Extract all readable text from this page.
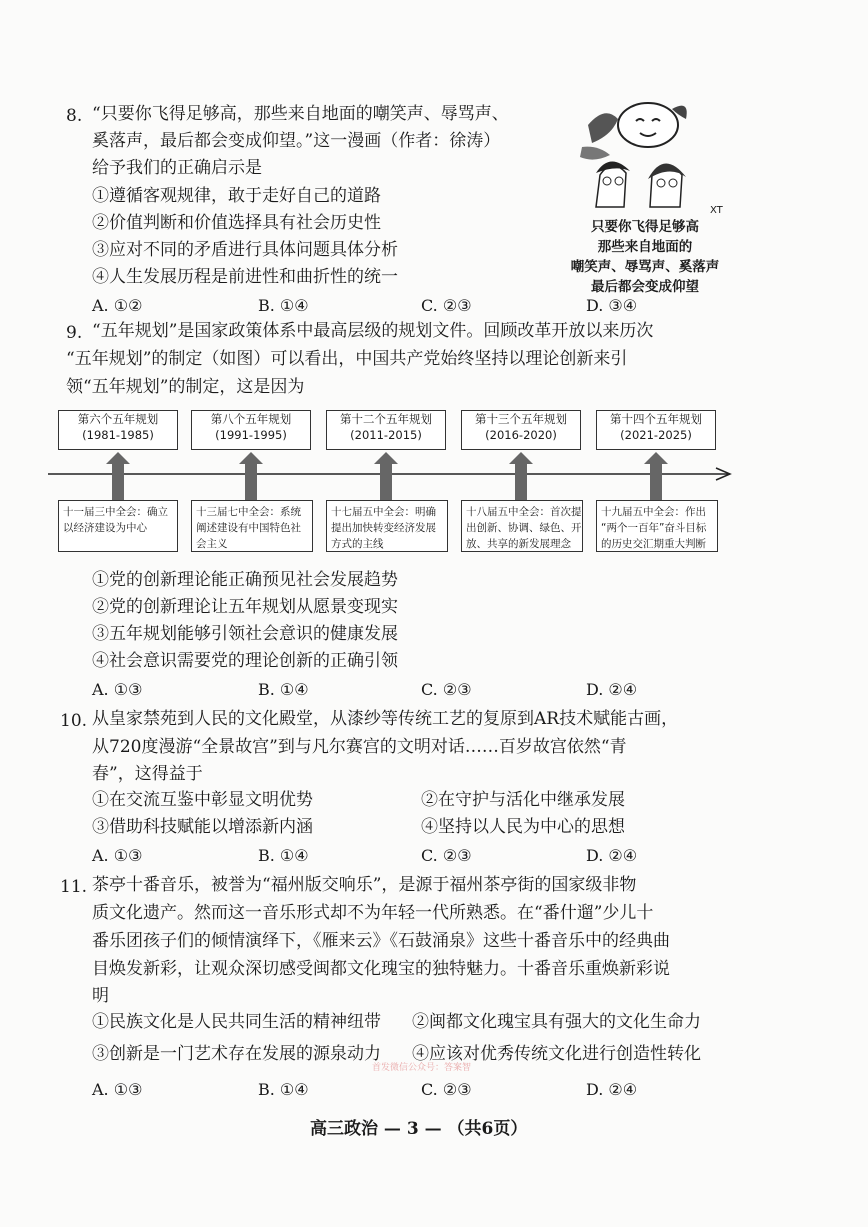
8. “只要你飞得足够高，那些来自地面的嘲笑声、辱骂声、
奚落声，最后都会变成仰望。”这一漫画（作者：徐涛）
给予我们的正确启示是
①遵循客观规律，敢于走好自己的道路
②价值判断和价值选择具有社会历史性
③应对不同的矛盾进行具体问题具体分析
④人生发展历程是前进性和曲折性的统一
A. ①②	B. ①④	C. ②③	D. ③④
XT
只要你飞得足够高
那些来自地面的
嘲笑声、辱骂声、奚落声
最后都会变成仰望
9. “五年规划”是国家政策体系中最高层级的规划文件。回顾改革开放以来历次
“五年规划”的制定（如图）可以看出，中国共产党始终坚持以理论创新来引
领“五年规划”的制定，这是因为
第六个五年规划
(1981-1985)
第八个五年规划
(1991-1995)
第十二个五年规划
(2011-2015)
第十三个五年规划
(2016-2020)
第十四个五年规划
(2021-2025)
十一届三中全会：确立
以经济建设为中心
十三届七中全会：系统
阐述建设有中国特色社
会主义
十七届五中全会：明确
提出加快转变经济发展
方式的主线
十八届五中全会：首次提
出创新、协调、绿色、开
放、共享的新发展理念
十九届五中全会：作出
“两个一百年”奋斗目标
的历史交汇期重大判断
①党的创新理论能正确预见社会发展趋势
②党的创新理论让五年规划从愿景变现实
③五年规划能够引领社会意识的健康发展
④社会意识需要党的理论创新的正确引领
A. ①③	B. ①④	C. ②③	D. ②④
10. 从皇家禁苑到人民的文化殿堂，从漆纱等传统工艺的复原到AR技术赋能古画，
从720度漫游“全景故宫”到与凡尔赛宫的文明对话……百岁故宫依然“青
春”，这得益于
①在交流互鉴中彰显文明优势	②在守护与活化中继承发展
③借助科技赋能以增添新内涵	④坚持以人民为中心的思想
A. ①③	B. ①④	C. ②③	D. ②④
11. 茶亭十番音乐，被誉为“福州版交响乐”，是源于福州茶亭街的国家级非物
质文化遗产。然而这一音乐形式却不为年轻一代所熟悉。在“番什遛”少儿十
番乐团孩子们的倾情演绎下，《雁来云》《石鼓涌泉》这些十番音乐中的经典曲
目焕发新彩，让观众深切感受闽都文化瑰宝的独特魅力。十番音乐重焕新彩说
明
①民族文化是人民共同生活的精神纽带 ②闽都文化瑰宝具有强大的文化生命力
③创新是一门艺术存在发展的源泉动力 ④应该对优秀传统文化进行创造性转化
首发微信公众号：答案智
A. ①③	B. ①④	C. ②③	D. ②④
高三政治 — 3 — （共6页）
